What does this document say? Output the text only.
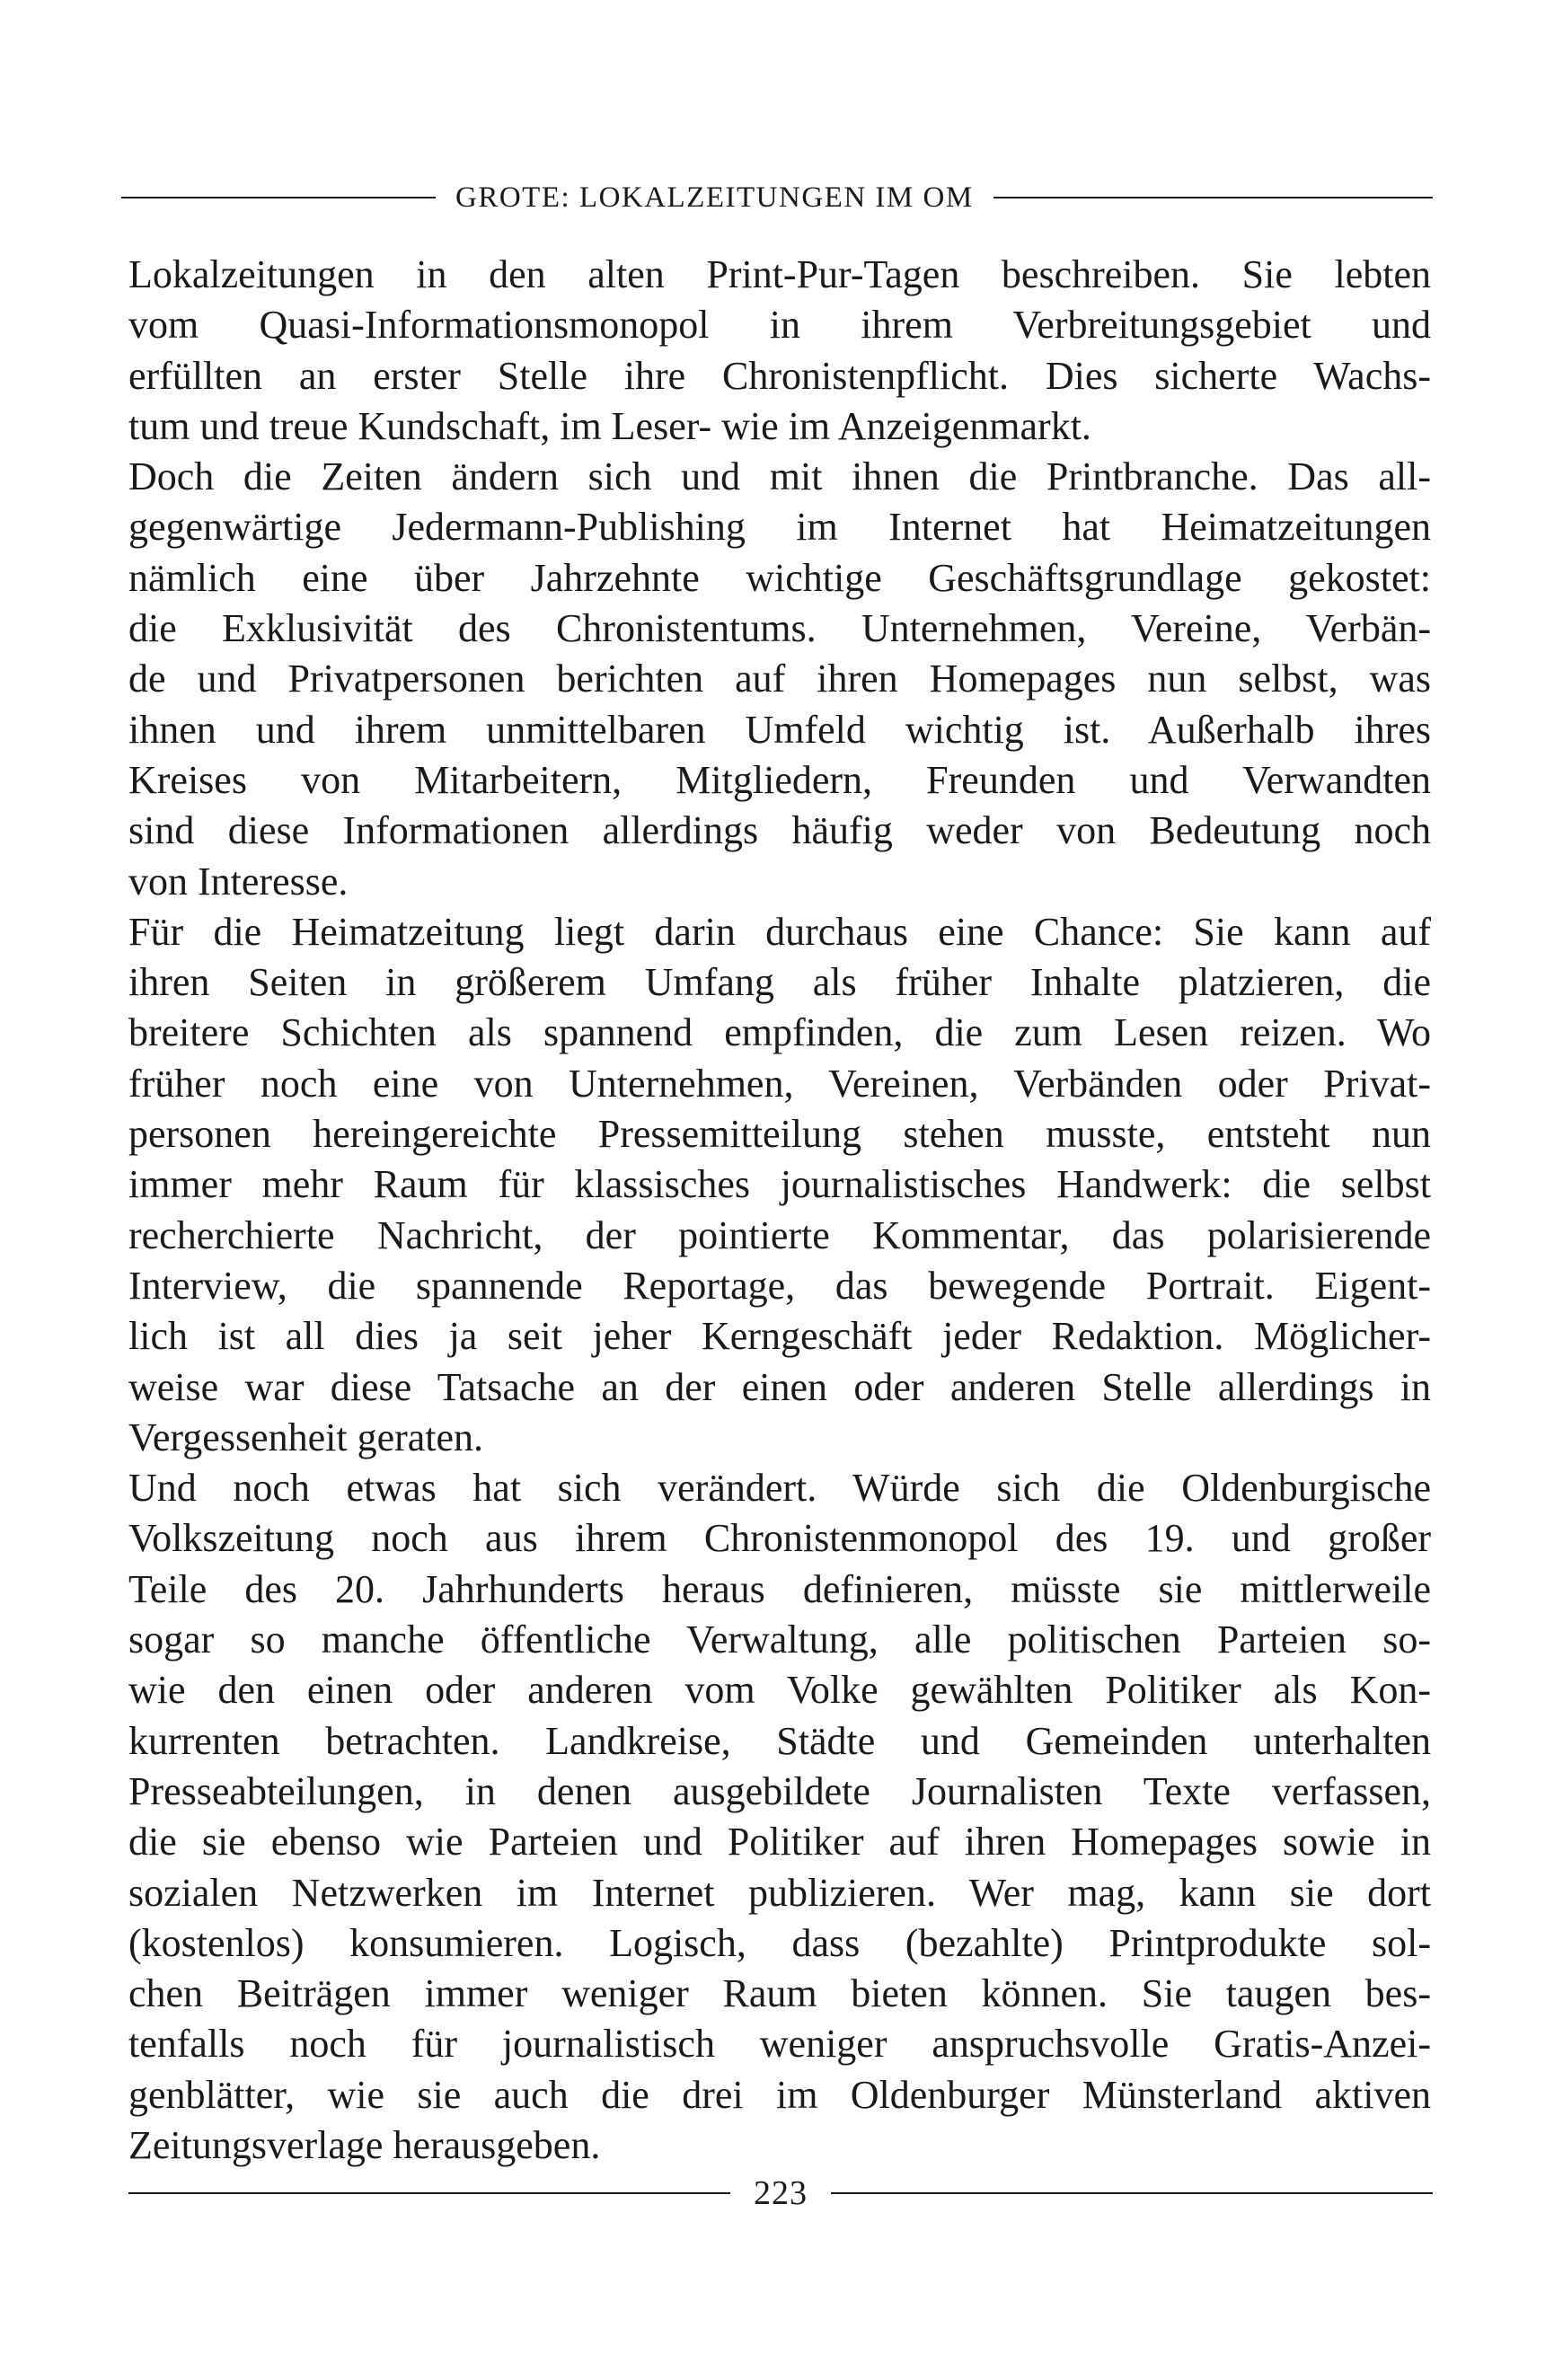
GROTE: LOKALZEITUNGEN IM OM

Lokalzeitungen in den alten Print-Pur-Tagen beschreiben. Sie lebten
vom Quasi-Informationsmonopol in ihrem Verbreitungsgebiet und
erfüllten an erster Stelle ihre Chronistenpflicht. Dies sicherte Wachs-
tum und treue Kundschaft, im Leser- wie im Anzeigenmarkt.

Doch die Zeiten ändern sich und mit ihnen die Printbranche. Das all-
gegenwärtige Jedermann-Publishing im Internet hat Heimatzeitungen
nämlich eine über Jahrzehnte wichtige Geschäftsgrundlage gekostet:
die Exklusivität des Chronistentums. Unternehmen, Vereine, Verbän-
de und Privatpersonen berichten auf ihren Homepages nun selbst, was
ihnen und ihrem unmittelbaren Umfeld wichtig ist. Außerhalb ihres
Kreises von Mitarbeitern, Mitgliedern, Freunden und Verwandten
sind diese Informationen allerdings häufig weder von Bedeutung noch
von Interesse.

Für die Heimatzeitung liegt darin durchaus eine Chance: Sie kann auf
ihren Seiten in größerem Umfang als früher Inhalte platzieren, die
breitere Schichten als spannend empfinden, die zum Lesen reizen. Wo
früher noch eine von Unternehmen, Vereinen, Verbänden oder Privat-
personen hereingereichte Pressemitteilung stehen musste, entsteht nun
immer mehr Raum für klassisches journalistisches Handwerk: die selbst
recherchierte Nachricht, der pointierte Kommentar, das polarisierende
Interview, die spannende Reportage, das bewegende Portrait. Eigent-
lich ist all dies ja seit jeher Kerngeschäft jeder Redaktion. Möglicher-
weise war diese Tatsache an der einen oder anderen Stelle allerdings in
Vergessenheit geraten.

Und noch etwas hat sich verändert. Würde sich die Oldenburgische
Volkszeitung noch aus ihrem Chronistenmonopol des 19. und großer
Teile des 20. Jahrhunderts heraus definieren, müsste sie mittlerweile
sogar so manche öffentliche Verwaltung, alle politischen Parteien so-
wie den einen oder anderen vom Volke gewählten Politiker als Kon-
kurrenten betrachten. Landkreise, Städte und Gemeinden unterhalten
Presseabteilungen, in denen ausgebildete Journalisten Texte verfassen,
die sie ebenso wie Parteien und Politiker auf ihren Homepages sowie in
sozialen Netzwerken im Internet publizieren. Wer mag, kann sie dort
(kostenlos) konsumieren. Logisch, dass (bezahlte) Printprodukte sol-
chen Beiträgen immer weniger Raum bieten können. Sie taugen bes-
tenfalls noch für journalistisch weniger anspruchsvolle Gratis-Anzei-
genblätter, wie sie auch die drei im Oldenburger Münsterland aktiven
Zeitungsverlage herausgeben.

223
